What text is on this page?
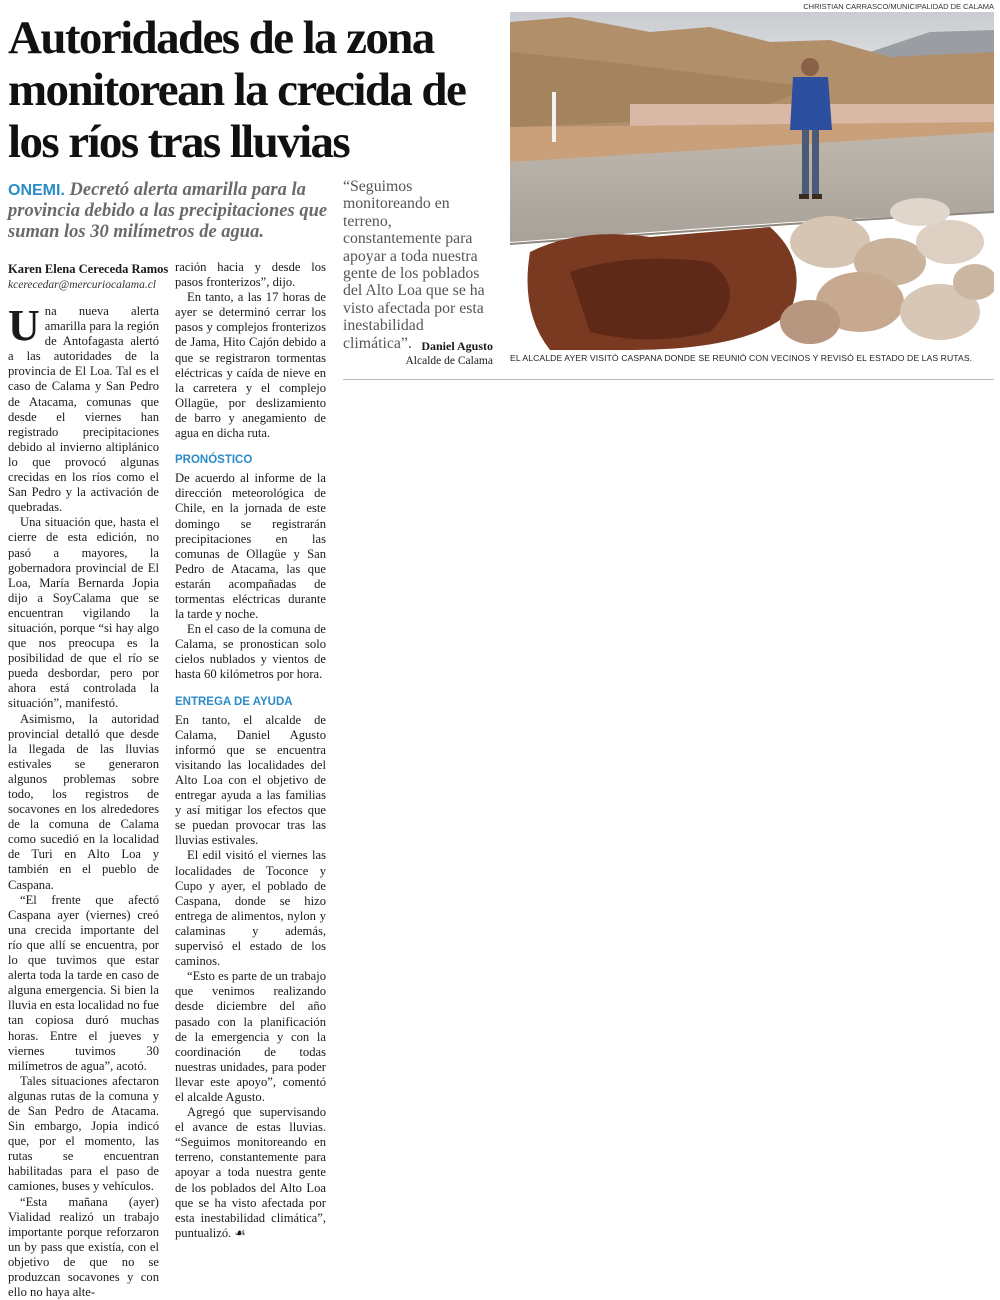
Autoridades de la zona monitorean la crecida de los ríos tras lluvias

ONEMI. Decretó alerta amarilla para la provincia debido a las precipitaciones que suman los 30 milímetros de agua.

Karen Elena Cereceda Ramos
kcerecedar@mercuriocalama.cl

Una nueva alerta amarilla para la región de Antofagasta alertó a las autoridades de la provincia de El Loa. Tal es el caso de Calama y San Pedro de Atacama, comunas que desde el viernes han registrado precipitaciones debido al invierno altiplánico lo que provocó algunas crecidas en los ríos como el San Pedro y la activación de quebradas.

Una situación que, hasta el cierre de esta edición, no pasó a mayores, la gobernadora provincial de El Loa, María Bernarda Jopia dijo a SoyCalama que se encuentran vigilando la situación, porque “si hay algo que nos preocupa es la posibilidad de que el río se pueda desbordar, pero por ahora está controlada la situación”, manifestó.

Asimismo, la autoridad provincial detalló que desde la llegada de las lluvias estivales se generaron algunos problemas sobre todo, los registros de socavones en los alrededores de la comuna de Calama como sucedió en la localidad de Turi en Alto Loa y también en el pueblo de Caspana.

“El frente que afectó Caspana ayer (viernes) creó una crecida importante del río que allí se encuentra, por lo que tuvimos que estar alerta toda la tarde en caso de alguna emergencia. Si bien la lluvia en esta localidad no fue tan copiosa duró muchas horas. Entre el jueves y viernes tuvimos 30 milímetros de agua”, acotó.

Tales situaciones afectaron algunas rutas de la comuna y de San Pedro de Atacama. Sin embargo, Jopia indicó que, por el momento, las rutas se encuentran habilitadas para el paso de camiones, buses y vehículos.

“Esta mañana (ayer) Vialidad realizó un trabajo importante porque reforzaron un by pass que existía, con el objetivo de que no se produzcan socavones y con ello no haya alte-

ración hacia y desde los pasos fronterizos”, dijo.

En tanto, a las 17 horas de ayer se determinó cerrar los pasos y complejos fronterizos de Jama, Hito Cajón debido a que se registraron tormentas eléctricas y caída de nieve en la carretera y el complejo Ollagüe, por deslizamiento de barro y anegamiento de agua en dicha ruta.

PRONÓSTICO

De acuerdo al informe de la dirección meteorológica de Chile, en la jornada de este domingo se registrarán precipitaciones en las comunas de Ollagüe y San Pedro de Atacama, las que estarán acompañadas de tormentas eléctricas durante la tarde y noche.

En el caso de la comuna de Calama, se pronostican solo cielos nublados y vientos de hasta 60 kilómetros por hora.

ENTREGA DE AYUDA

En tanto, el alcalde de Calama, Daniel Agusto informó que se encuentra visitando las localidades del Alto Loa con el objetivo de entregar ayuda a las familias y así mitigar los efectos que se puedan provocar tras las lluvias estivales.

El edil visitó el viernes las localidades de Toconce y Cupo y ayer, el poblado de Caspana, donde se hizo entrega de alimentos, nylon y calaminas y además, supervisó el estado de los caminos.

“Esto es parte de un trabajo que venimos realizando desde diciembre del año pasado con la planificación de la emergencia y con la coordinación de todas nuestras unidades, para poder llevar este apoyo”, comentó el alcalde Agusto.

Agregó que supervisando el avance de estas lluvias. “Seguimos monitoreando en terreno, constantemente para apoyar a toda nuestra gente de los poblados del Alto Loa que se ha visto afectada por esta inestabilidad climática”, puntualizó. ☙

“Seguimos monitoreando en terreno, constantemente para apoyar a toda nuestra gente de los poblados del Alto Loa que se ha visto afectada por esta inestabilidad climática”. Daniel Agusto
Alcalde de Calama
CHRISTIAN CARRASCO/MUNICIPALIDAD DE CALAMA
EL ALCALDE AYER VISITÓ CASPANA DONDE SE REUNIÓ CON VECINOS Y REVISÓ EL ESTADO DE LAS RUTAS.
